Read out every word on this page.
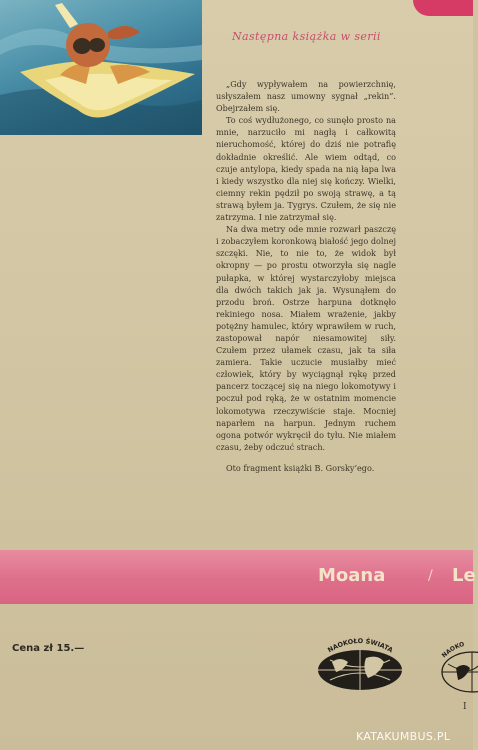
Następna książka w serii

„Gdy wypływałem na powierzchnię, usłyszałem nasz umowny sygnał „rekin”. Obejrzałem się.

To coś wydłużonego, co sunęło prosto na mnie, narzuciło mi nagłą i całkowitą nieruchomość, której do dziś nie potrafię dokładnie określić. Ale wiem odtąd, co czuje antylopa, kiedy spada na nią łapa lwa i kiedy wszystko dla niej się kończy. Wielki, ciemny rekin pędził po swoją strawę, a tą strawą byłem ja. Tygrys. Czułem, że się nie zatrzyma. I nie zatrzymał się.

Na dwa metry ode mnie rozwarł paszczę i zobaczyłem koronkową białość jego dolnej szczęki. Nie, to nie to, że widok był okropny — po prostu otworzyła się nagle pułapka, w której wystarczyłoby miejsca dla dwóch takich jak ja. Wysunąłem do przodu broń. Ostrze harpuna dotknęło rekiniego nosa. Miałem wrażenie, jakby potężny hamulec, który wprawiłem w ruch, zastopował napór niesamowitej siły. Czułem przez ułamek czasu, jak ta siła zamiera. Takie uczucie musiałby mieć człowiek, który by wyciągnął rękę przed pancerz toczącej się na niego lokomotywy i poczuł pod ręką, że w ostatnim momencie lokomotywa rzeczywiście staje. Mocniej naparłem na harpun. Jednym ruchem ogona potwór wykręcił do tyłu. Nie miałem czasu, żeby odczuć strach.

Oto fragment książki B. Gorsky’ego.

Moana	/ Le
Cena zł 15.—	NAOKOŁO ŚWIATA
NAOKO
I
KATAKUMBUS.PL
